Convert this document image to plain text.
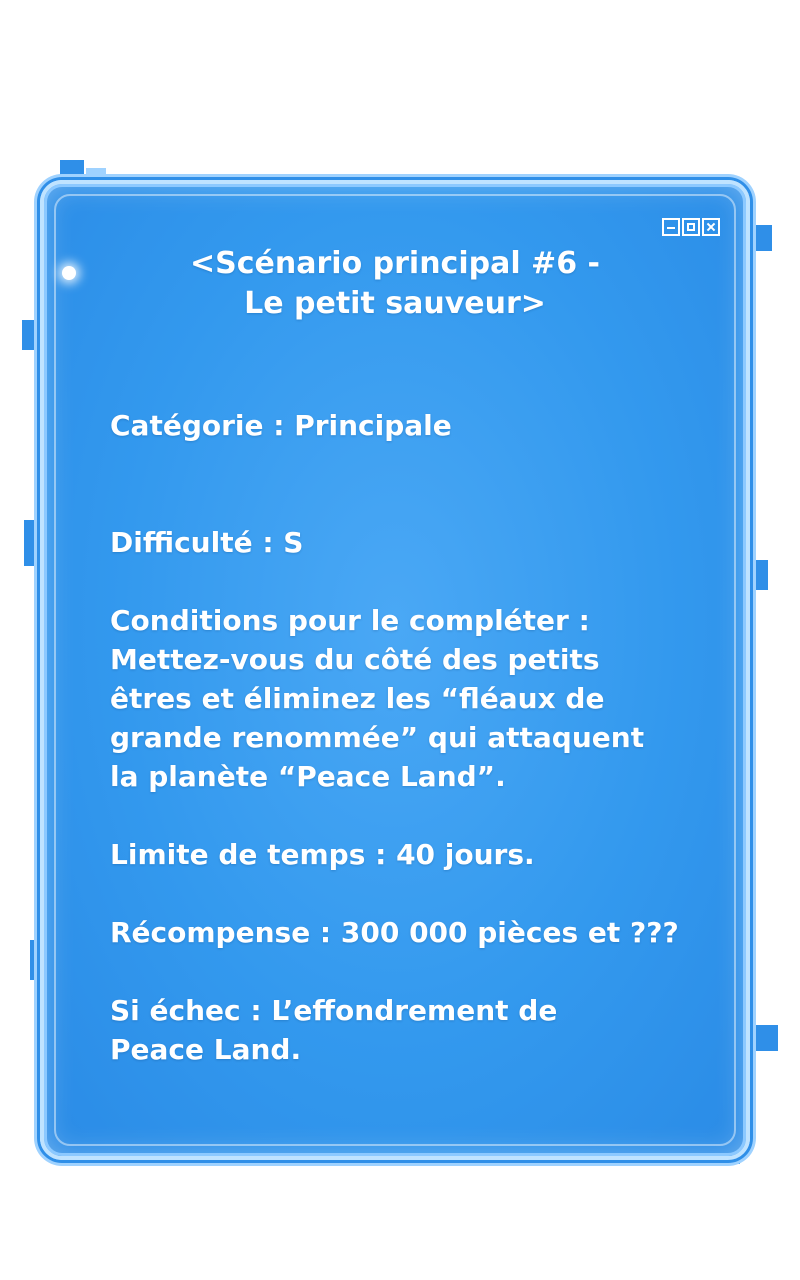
<Scénario principal #6 -
Le petit sauveur>

Catégorie : Principale

Difficulté : S

Conditions pour le compléter :

Mettez-vous du côté des petits

êtres et éliminez les “fléaux de

grande renommée” qui attaquent

la planète “Peace Land”.

Limite de temps : 40 jours.

Récompense : 300 000 pièces et ???

Si échec : L’effondrement de

Peace Land.
